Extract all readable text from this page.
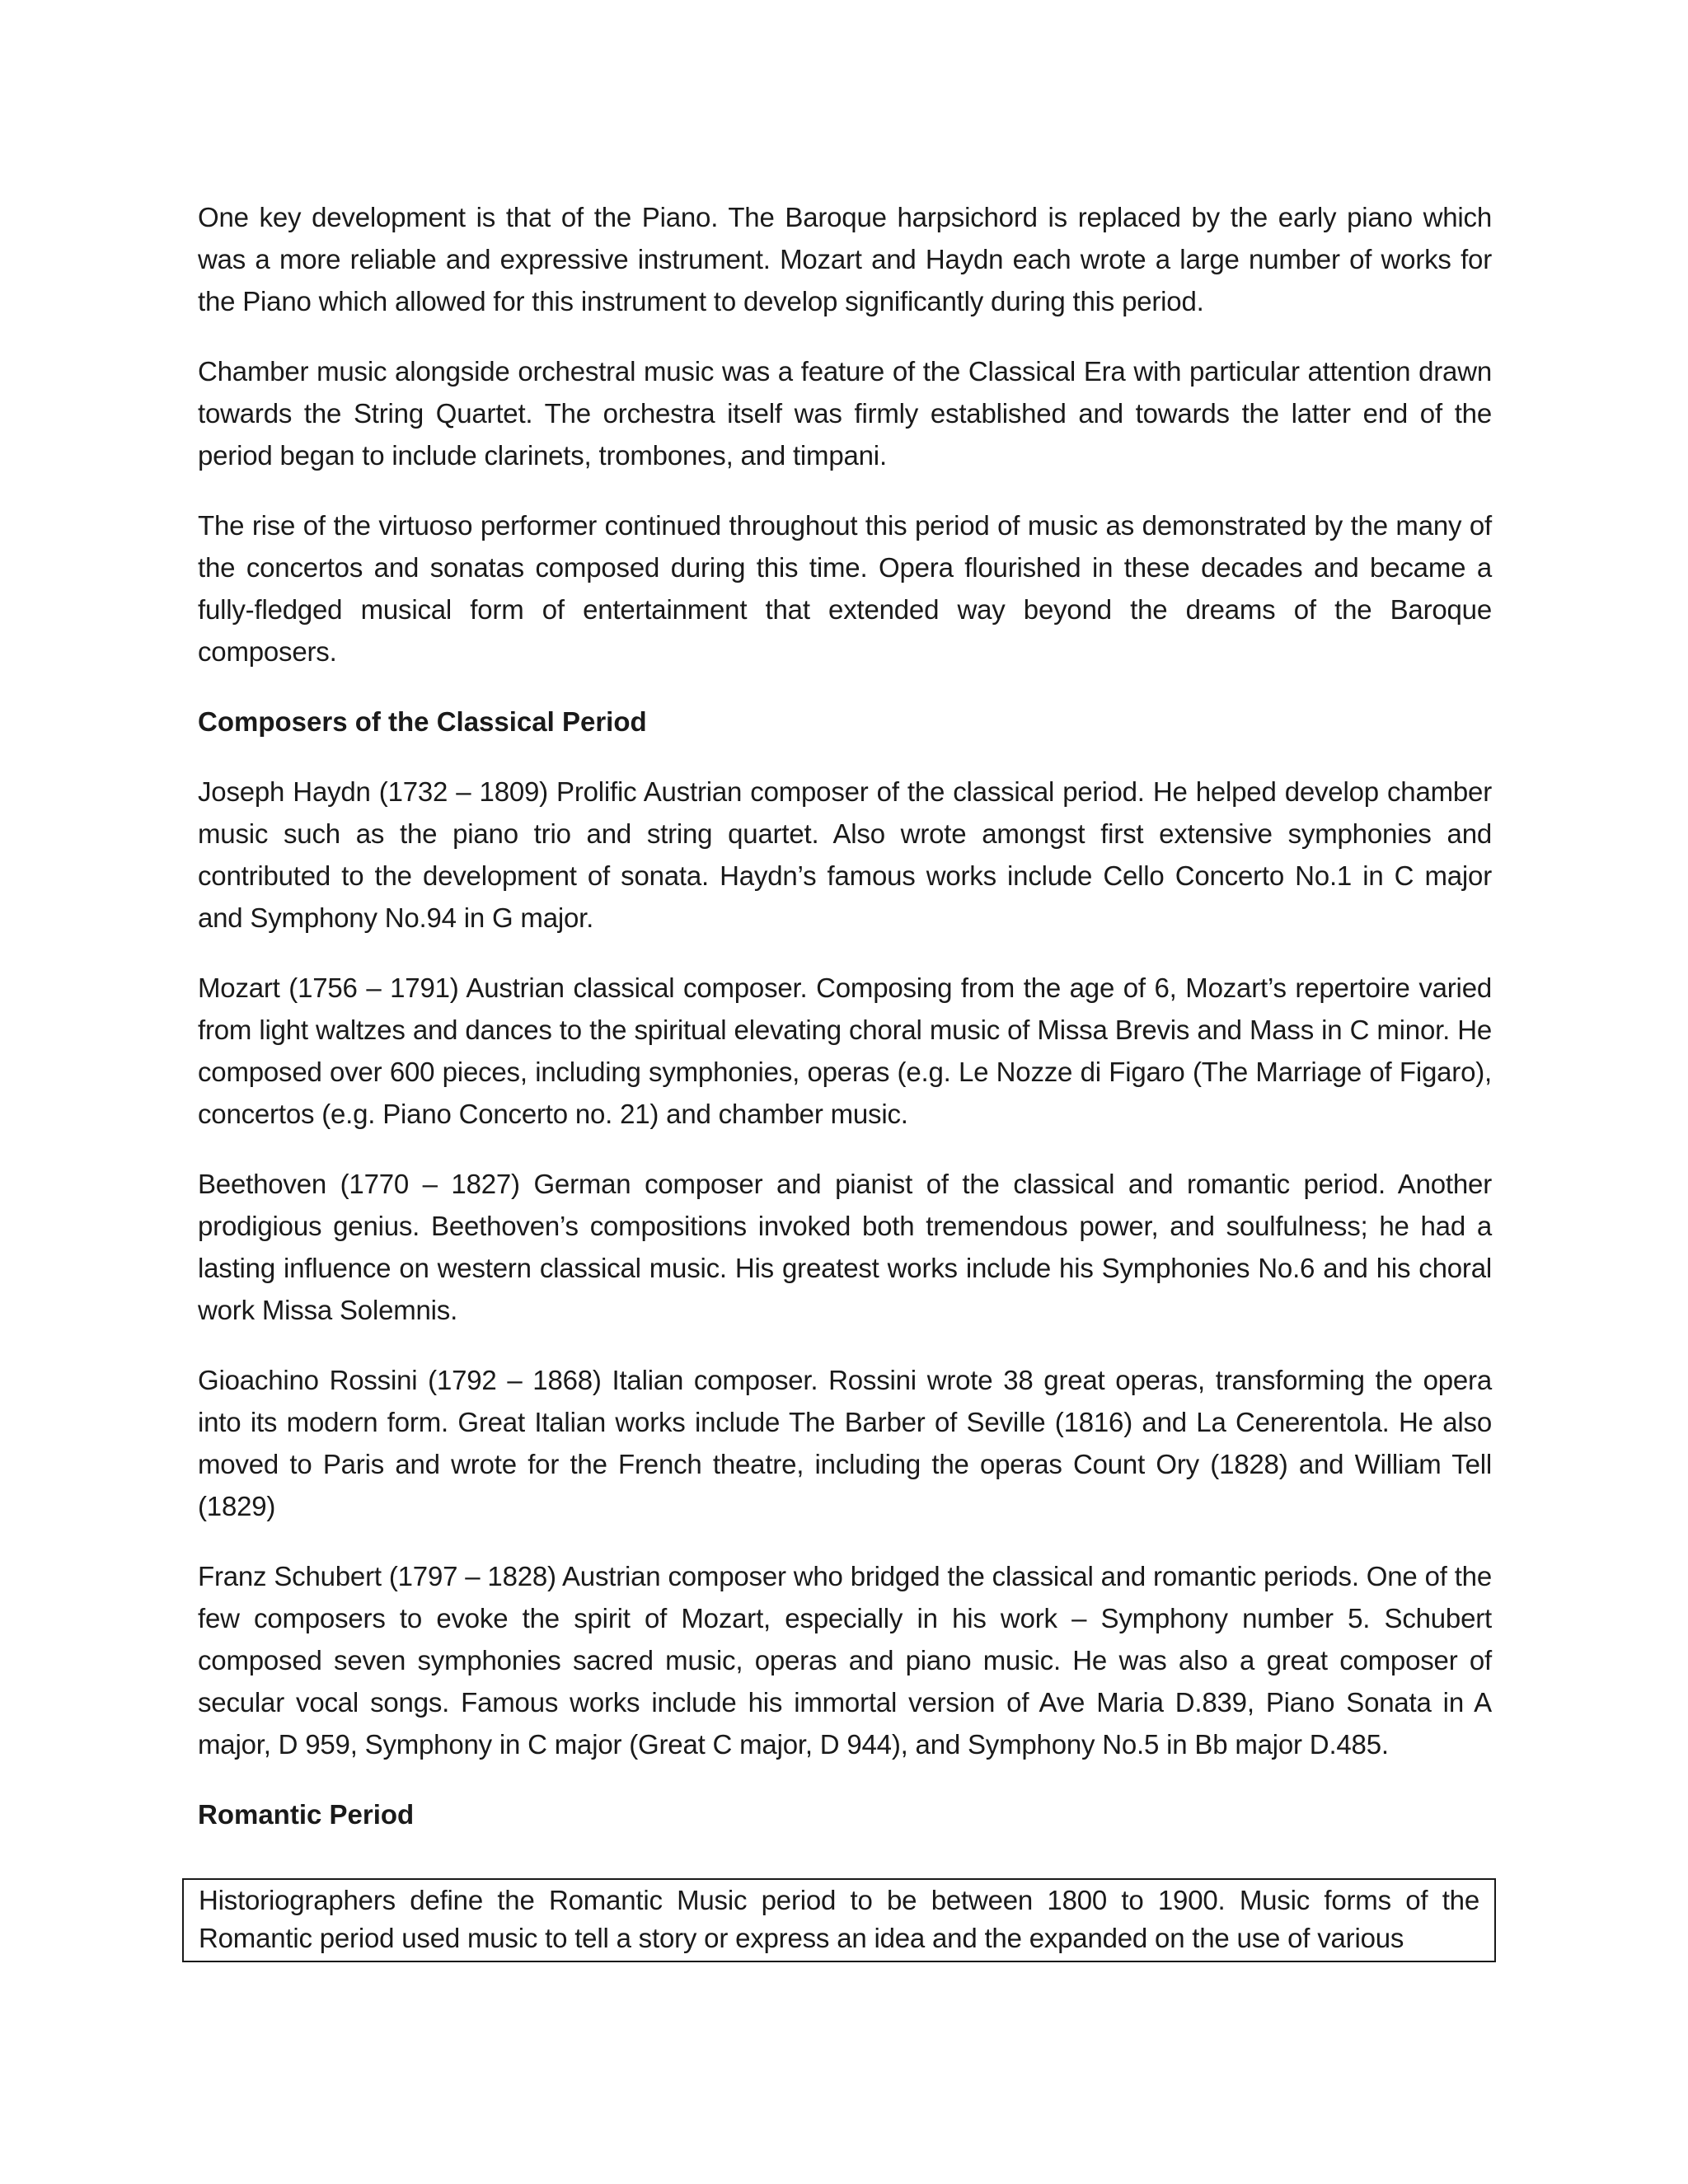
One key development is that of the Piano. The Baroque harpsichord is replaced by the early piano which was a more reliable and expressive instrument. Mozart and Haydn each wrote a large number of works for the Piano which allowed for this instrument to develop significantly during this period.

Chamber music alongside orchestral music was a feature of the Classical Era with particular attention drawn towards the String Quartet. The orchestra itself was firmly established and towards the latter end of the period began to include clarinets, trombones, and timpani.

The rise of the virtuoso performer continued throughout this period of music as demonstrated by the many of the concertos and sonatas composed during this time. Opera flourished in these decades and became a fully-fledged musical form of entertainment that extended way beyond the dreams of the Baroque composers.

Composers of the Classical Period

Joseph Haydn (1732 – 1809) Prolific Austrian composer of the classical period. He helped develop chamber music such as the piano trio and string quartet. Also wrote amongst first extensive symphonies and contributed to the development of sonata. Haydn’s famous works include Cello Concerto No.1 in C major and Symphony No.94 in G major.

Mozart (1756 – 1791) Austrian classical composer. Composing from the age of 6, Mozart’s repertoire varied from light waltzes and dances to the spiritual elevating choral music of Missa Brevis and Mass in C minor. He composed over 600 pieces, including symphonies, operas (e.g. Le Nozze di Figaro (The Marriage of Figaro), concertos (e.g. Piano Concerto no. 21) and chamber music.

Beethoven (1770 – 1827) German composer and pianist of the classical and romantic period. Another prodigious genius. Beethoven’s compositions invoked both tremendous power, and soulfulness; he had a lasting influence on western classical music. His greatest works include his Symphonies No.6 and his choral work Missa Solemnis.

Gioachino Rossini (1792 – 1868) Italian composer. Rossini wrote 38 great operas, transforming the opera into its modern form. Great Italian works include The Barber of Seville (1816) and La Cenerentola. He also moved to Paris and wrote for the French theatre, including the operas Count Ory (1828) and William Tell (1829)

Franz Schubert (1797 – 1828) Austrian composer who bridged the classical and romantic periods. One of the few composers to evoke the spirit of Mozart, especially in his work – Symphony number 5. Schubert composed seven symphonies sacred music, operas and piano music. He was also a great composer of secular vocal songs. Famous works include his immortal version of Ave Maria D.839, Piano Sonata in A major, D 959, Symphony in C major (Great C major, D 944), and Symphony No.5 in Bb major D.485.

Romantic Period

Historiographers define the Romantic Music period to be between 1800 to 1900. Music forms of the Romantic period used music to tell a story or express an idea and the expanded on the use of various
